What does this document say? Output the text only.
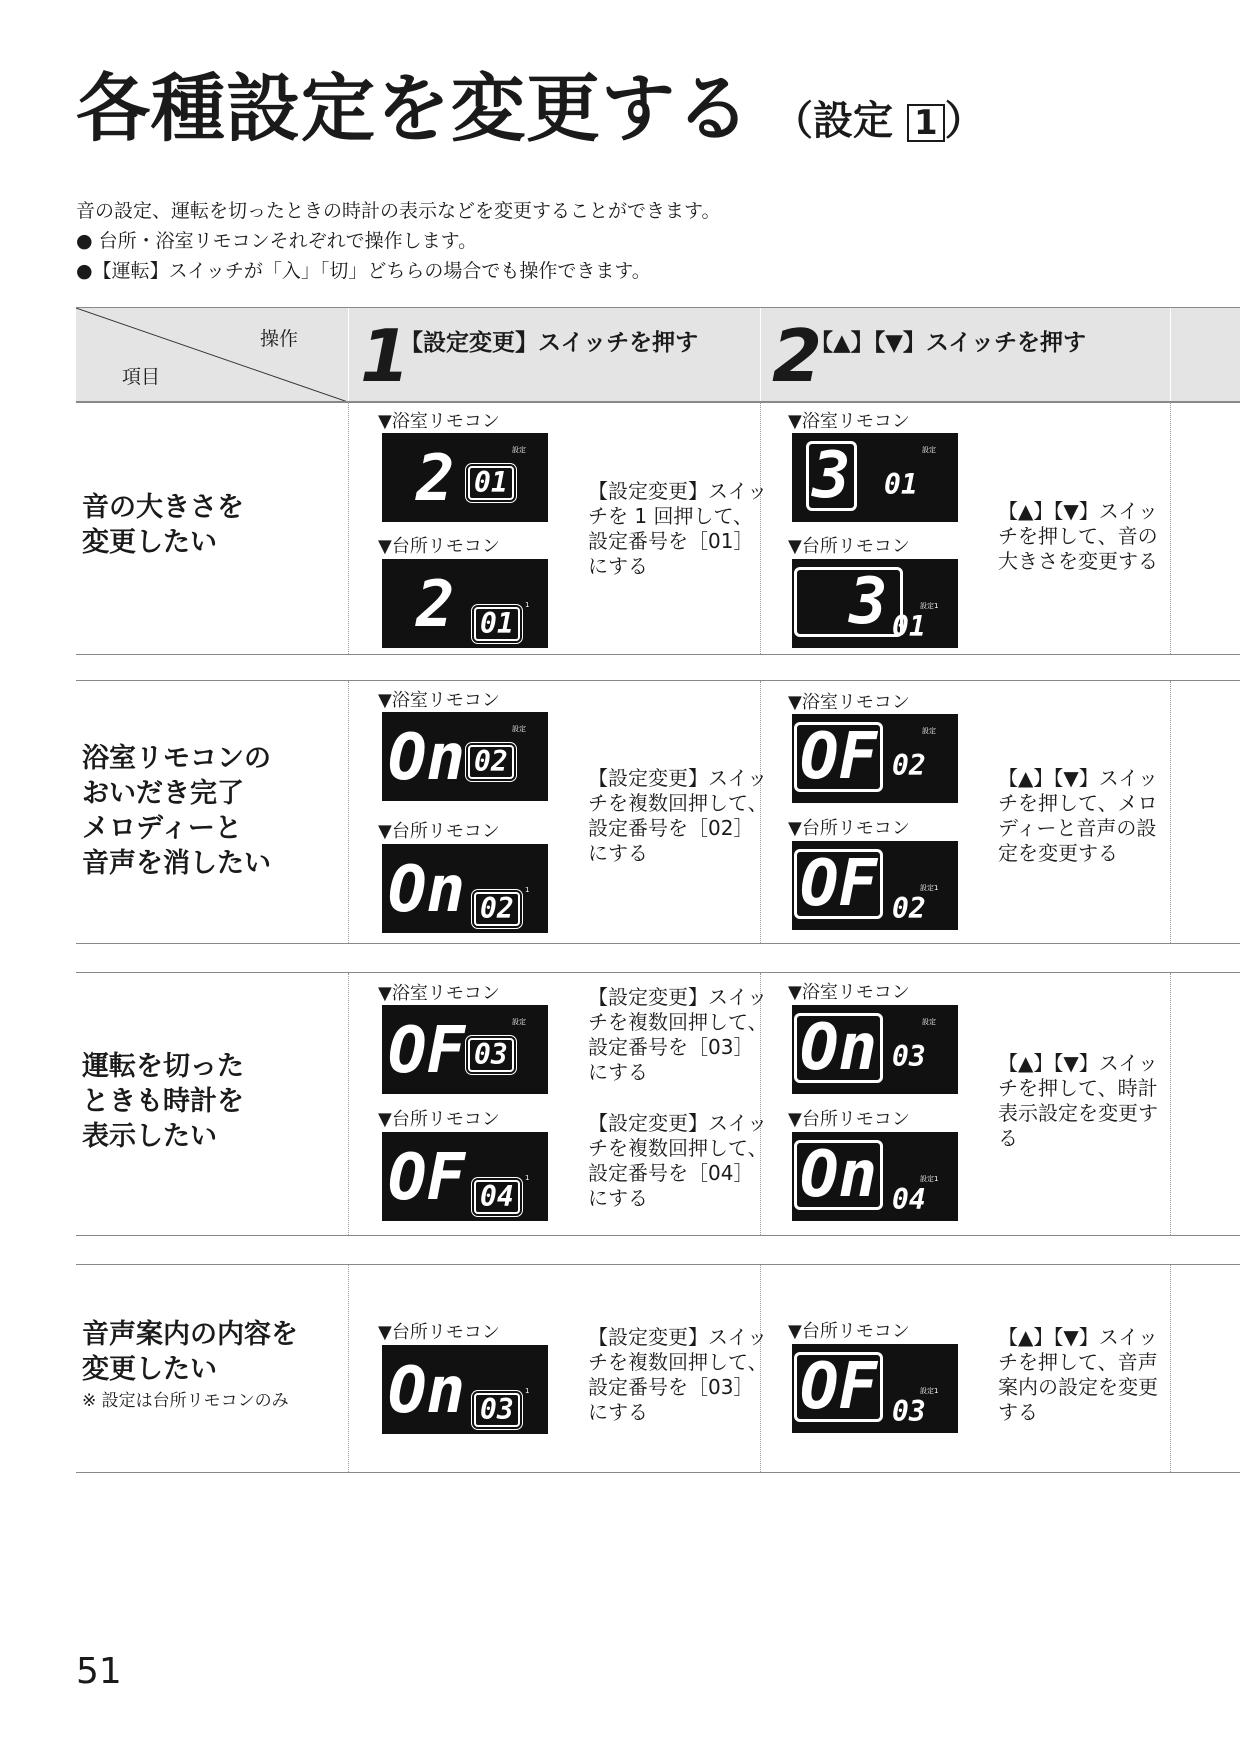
各種設定を変更する （設定 1 ）

音の設定、運転を切ったときの時計の表示などを変更することができます。

● 台所・浴室リモコンそれぞれで操作します。

●【運転】スイッチが「入」「切」どちらの場合でも操作できます。

操作
項目	1
【設定変更】スイッチを押す 2
【▲】【▼】スイッチを押す
音の大きさを
変更したい
▼浴室リモコン
2 01
設定
▼台所リモコン
2 01
1
【設定変更】スイッ
チを 1 回押して、
設定番号を［01］
にする
▼浴室リモコン
3 01
設定
▼台所リモコン
3 01
設定1
【▲】【▼】スイッ
チを押して、音の
大きさを変更する
浴室リモコンの
おいだき完了
メロディーと
音声を消したい
▼浴室リモコン
On 02
設定
▼台所リモコン
On 02
1
【設定変更】スイッ
チを複数回押して、
設定番号を［02］
にする
▼浴室リモコン
OF 02
設定
▼台所リモコン
OF 02
設定1
【▲】【▼】スイッ
チを押して、メロ
ディーと音声の設
定を変更する
運転を切った
ときも時計を
表示したい
▼浴室リモコン
OF 03
設定
▼台所リモコン
OF 04
1
【設定変更】スイッ
チを複数回押して、
設定番号を［03］
にする
【設定変更】スイッ
チを複数回押して、
設定番号を［04］
にする
▼浴室リモコン
On 03
設定
▼台所リモコン
On 04
設定1
【▲】【▼】スイッ
チを押して、時計
表示設定を変更す
る
音声案内の内容を
変更したい
※ 設定は台所リモコンのみ
▼台所リモコン
On 03
1
【設定変更】スイッ
チを複数回押して、
設定番号を［03］
にする
▼台所リモコン
OF 03
設定1
【▲】【▼】スイッ
チを押して、音声
案内の設定を変更
する
51
